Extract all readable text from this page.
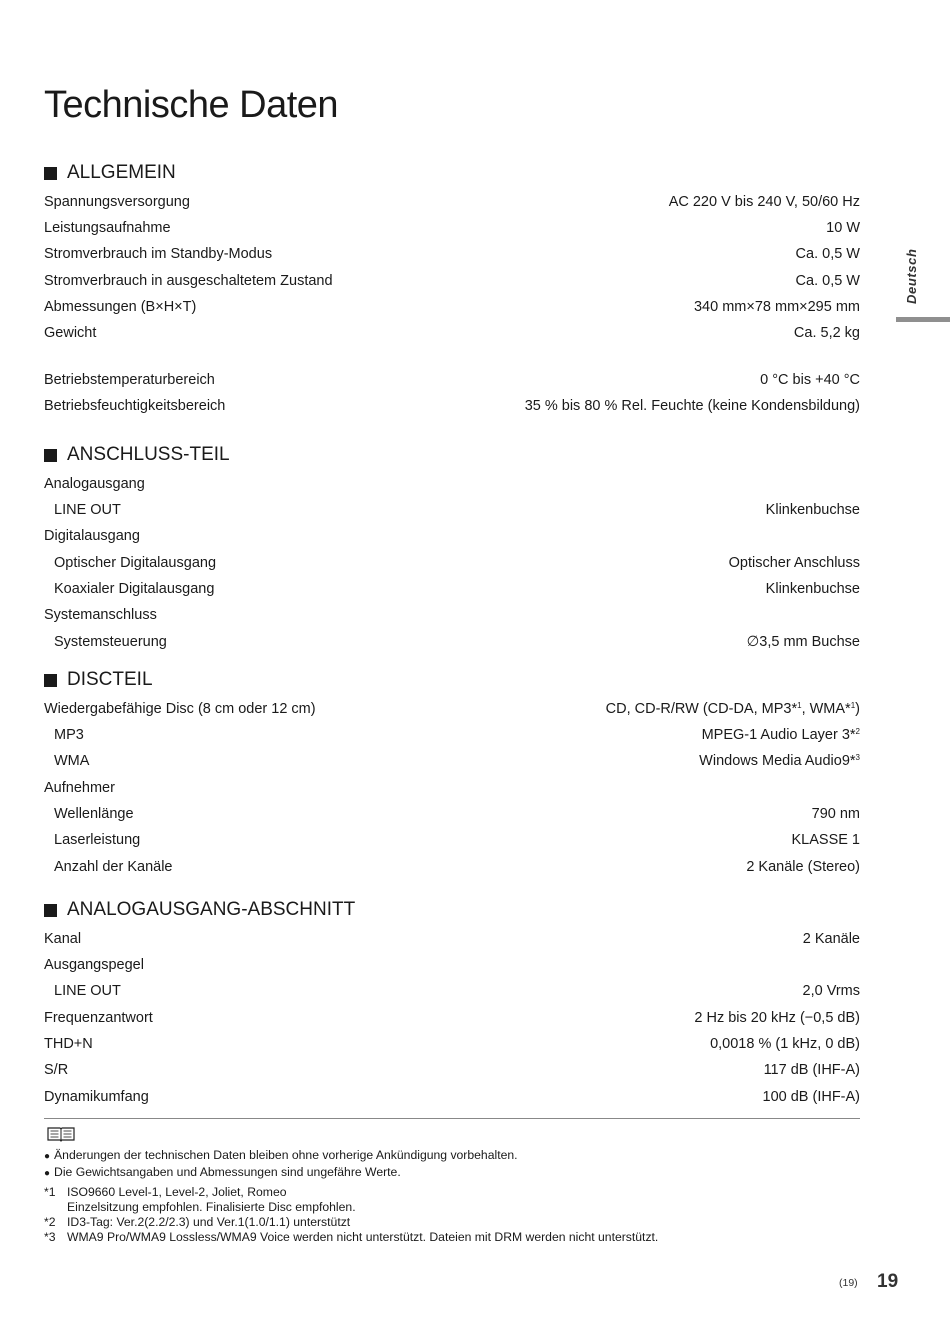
Technische Daten
Deutsch
ALLGEMEIN
Spannungsversorgung	AC 220 V bis 240 V, 50/60 Hz
Leistungsaufnahme	10 W
Stromverbrauch im Standby-Modus	Ca. 0,5 W
Stromverbrauch in ausgeschaltetem Zustand	Ca. 0,5 W
Abmessungen (B×H×T)	340 mm×78 mm×295 mm
Gewicht	Ca. 5,2 kg
Betriebstemperaturbereich	0 °C bis +40 °C
Betriebsfeuchtigkeitsbereich	35 % bis 80 % Rel. Feuchte (keine Kondensbildung)
ANSCHLUSS-TEIL
Analogausgang
LINE OUT	Klinkenbuchse
Digitalausgang
Optischer Digitalausgang	Optischer Anschluss
Koaxialer Digitalausgang	Klinkenbuchse
Systemanschluss
Systemsteuerung	∅3,5 mm Buchse
DISCTEIL
Wiedergabefähige Disc (8 cm oder 12 cm)	CD, CD-R/RW (CD-DA, MP3*$^1$, WMA*$^1$)
MP3	MPEG-1 Audio Layer 3*$^2$
WMA	Windows Media Audio9*$^3$
Aufnehmer
Wellenlänge	790 nm
Laserleistung	KLASSE 1
Anzahl der Kanäle	2 Kanäle (Stereo)
ANALOGAUSGANG-ABSCHNITT
Kanal	2 Kanäle
Ausgangspegel
LINE OUT	2,0 Vrms
Frequenzantwort	2 Hz bis 20 kHz (−0,5 dB)
THD+N	0,0018 % (1 kHz, 0 dB)
S/R	117 dB (IHF-A)
Dynamikumfang	100 dB (IHF-A)
● Änderungen der technischen Daten bleiben ohne vorherige Ankündigung vorbehalten.
● Die Gewichtsangaben und Abmessungen sind ungefähre Werte.
*1 ISO9660 Level-1, Level-2, Joliet, Romeo
Einzelsitzung empfohlen. Finalisierte Disc empfohlen.
*2 ID3-Tag: Ver.2(2.2/2.3) und Ver.1(1.0/1.1) unterstützt
*3 WMA9 Pro/WMA9 Lossless/WMA9 Voice werden nicht unterstützt. Dateien mit DRM werden nicht unterstützt.
(19) 19
